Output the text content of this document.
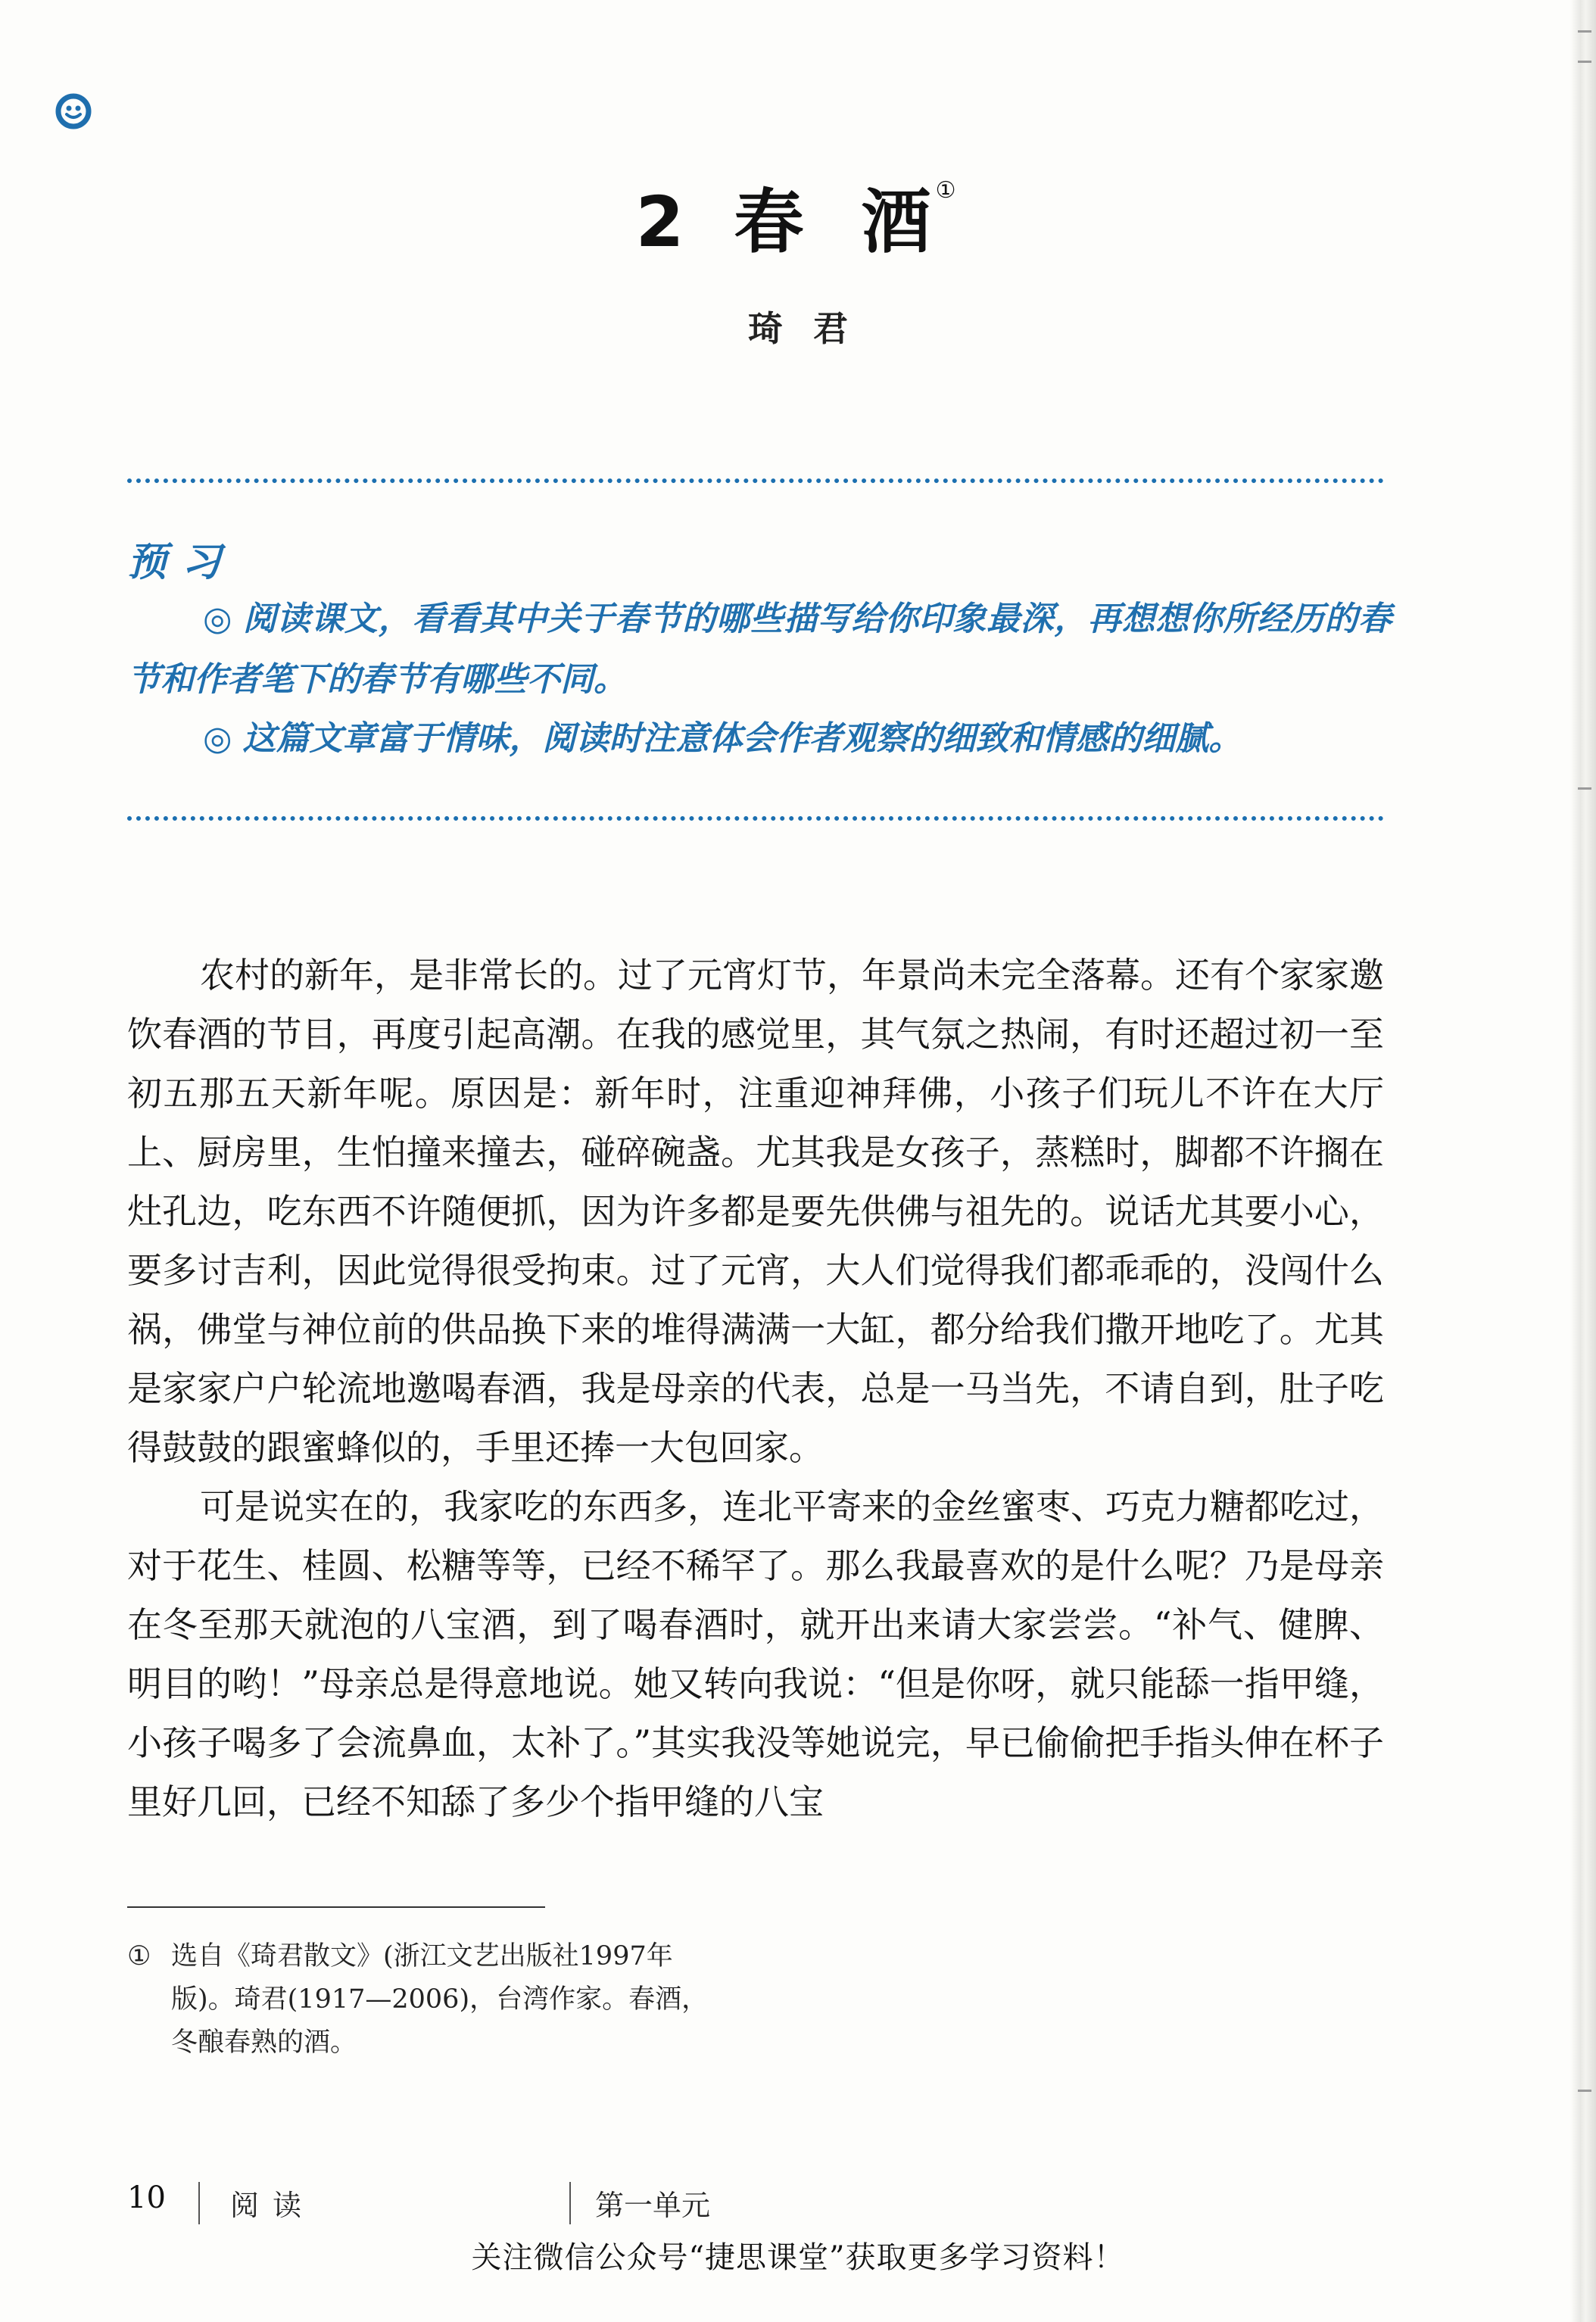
2 春 酒①
琦君
预习
◎ 阅读课文，看看其中关于春节的哪些描写给你印象最深，再想想你所经历的春节和作者笔下的春节有哪些不同。
◎ 这篇文章富于情味，阅读时注意体会作者观察的细致和情感的细腻。

农村的新年，是非常长的。过了元宵灯节，年景尚未完全落幕。还有个家家邀饮春酒的节目，再度引起高潮。在我的感觉里，其气氛之热闹，有时还超过初一至初五那五天新年呢。原因是：新年时，注重迎神拜佛，小孩子们玩儿不许在大厅上、厨房里，生怕撞来撞去，碰碎碗盏。尤其我是女孩子，蒸糕时，脚都不许搁在灶孔边，吃东西不许随便抓，因为许多都是要先供佛与祖先的。说话尤其要小心，要多讨吉利，因此觉得很受拘束。过了元宵，大人们觉得我们都乖乖的，没闯什么祸，佛堂与神位前的供品换下来的堆得满满一大缸，都分给我们撒开地吃了。尤其是家家户户轮流地邀喝春酒，我是母亲的代表，总是一马当先，不请自到，肚子吃得鼓鼓的跟蜜蜂似的，手里还捧一大包回家。

可是说实在的，我家吃的东西多，连北平寄来的金丝蜜枣、巧克力糖都吃过，对于花生、桂圆、松糖等等，已经不稀罕了。那么我最喜欢的是什么呢？乃是母亲在冬至那天就泡的八宝酒，到了喝春酒时，就开出来请大家尝尝。“补气、健脾、明目的哟！”母亲总是得意地说。她又转向我说：“但是你呀，就只能舔一指甲缝，小孩子喝多了会流鼻血，太补了。”其实我没等她说完，早已偷偷把手指头伸在杯子里好几回，已经不知舔了多少个指甲缝的八宝

① 选自《琦君散文》(浙江文艺出版社1997年
版)。琦君(1917—2006)，台湾作家。春酒，
冬酿春熟的酒。
10 阅读	第一单元
关注微信公众号“捷思课堂”获取更多学习资料！
